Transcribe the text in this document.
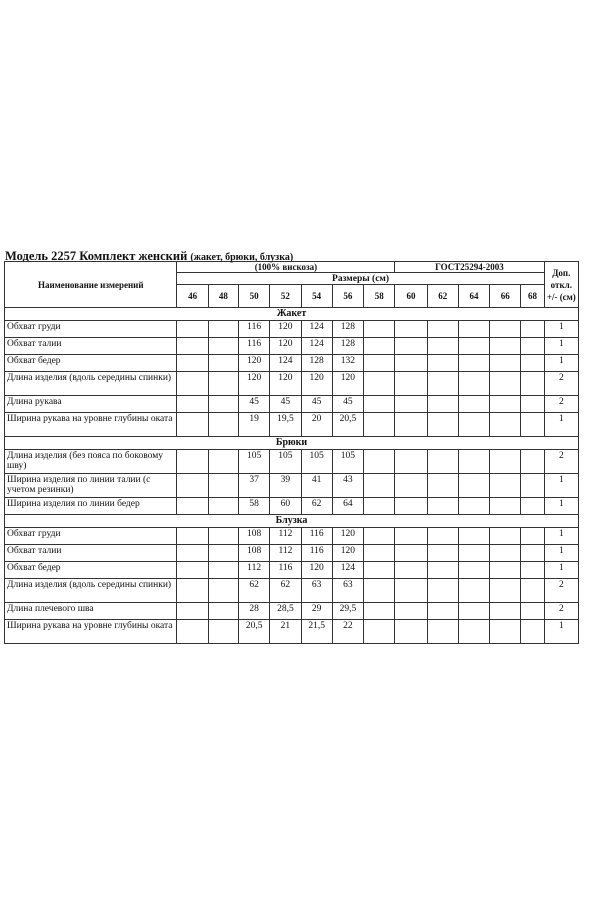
Модель 2257 Комплект женский (жакет, брюки, блузка)
Наименование измерений	(100% вискоза)							ГОСТ25294-2003					Доп. откл. +/- (см)
	Размеры (см)												
	46	48	50	52	54	56	58	60	62	64	66	68	
Жакет													
Обхват груди			116	120	124	128							1
Обхват талии			116	120	124	128							1
Обхват бедер			120	124	128	132							1
Длина изделия (вдоль середины спинки)			120	120	120	120							2
Длина рукава			45	45	45	45							2
Ширина рукава на уровне глубины оката			19	19,5	20	20,5							1
Брюки													
Длина изделия (без пояса по боковому шву)			105	105	105	105							2
Ширина изделия по линии талии (с учетом резинки)			37	39	41	43							1
Ширина изделия по линии бедер			58	60	62	64							1
Блузка													
Обхват груди			108	112	116	120							1
Обхват талии			108	112	116	120							1
Обхват бедер			112	116	120	124							1
Длина изделия (вдоль середины спинки)			62	62	63	63							2
Длина плечевого шва			28	28,5	29	29,5							2
Ширина рукава на уровне глубины оката			20,5	21	21,5	22							1
